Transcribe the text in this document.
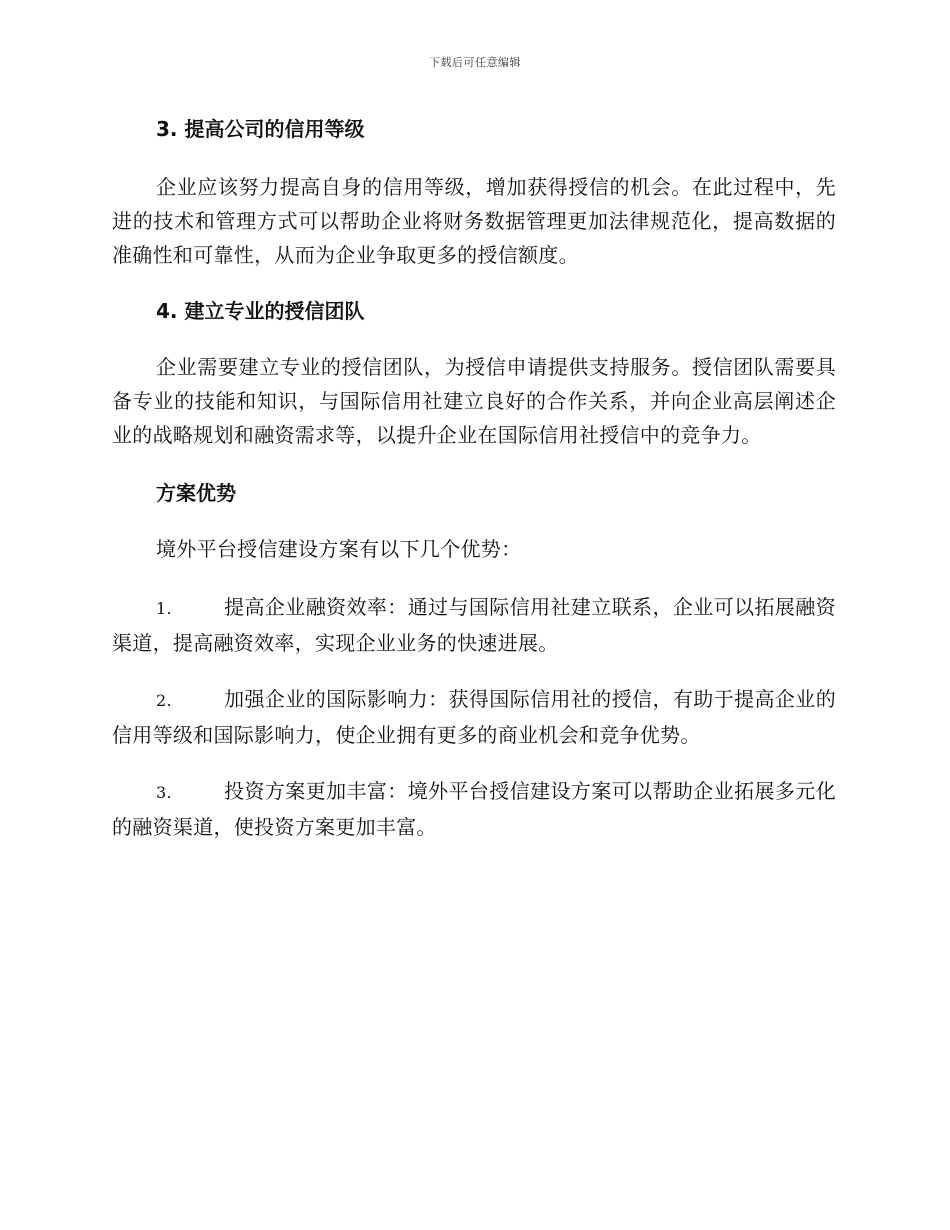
下载后可任意编辑

3. 提高公司的信用等级

企业应该努力提高自身的信用等级，增加获得授信的机会。在此过程中，先进的技术和管理方式可以帮助企业将财务数据管理更加法律规范化，提高数据的准确性和可靠性，从而为企业争取更多的授信额度。

4. 建立专业的授信团队

企业需要建立专业的授信团队，为授信申请提供支持服务。授信团队需要具备专业的技能和知识，与国际信用社建立良好的合作关系，并向企业高层阐述企业的战略规划和融资需求等，以提升企业在国际信用社授信中的竞争力。

方案优势

境外平台授信建设方案有以下几个优势：

1.	提高企业融资效率：通过与国际信用社建立联系，企业可以拓展融资渠道，提高融资效率，实现企业业务的快速进展。

2.	加强企业的国际影响力：获得国际信用社的授信，有助于提高企业的信用等级和国际影响力，使企业拥有更多的商业机会和竞争优势。

3.	投资方案更加丰富：境外平台授信建设方案可以帮助企业拓展多元化的融资渠道，使投资方案更加丰富。
